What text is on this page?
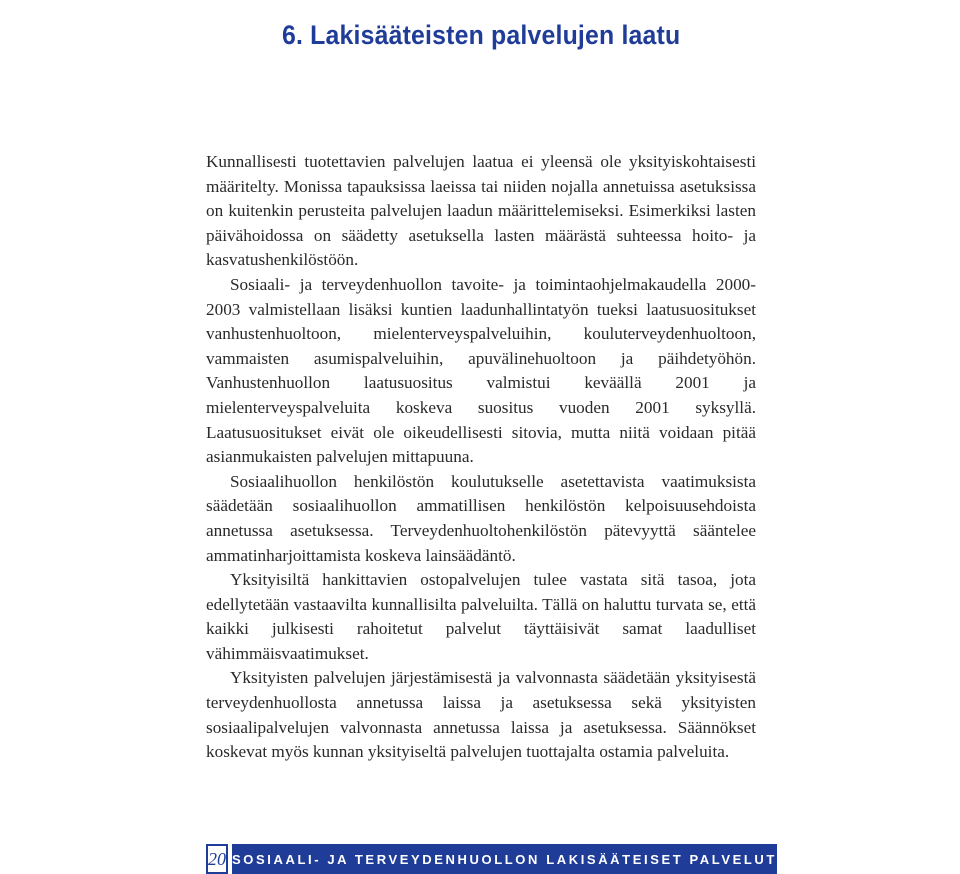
6. Lakisääteisten palvelujen laatu

Kunnallisesti tuotettavien palvelujen laatua ei yleensä ole yksityiskohtaisesti määritelty. Monissa tapauksissa laeissa tai niiden nojalla annetuissa asetuksissa on kuitenkin perusteita palvelujen laadun määrittelemiseksi. Esimerkiksi lasten päivähoidossa on säädetty asetuksella lasten määrästä suhteessa hoito- ja kasvatushenkilöstöön.

Sosiaali- ja terveydenhuollon tavoite- ja toimintaohjelmakaudella 2000-2003 valmistellaan lisäksi kuntien laadunhallintatyön tueksi laatusuositukset vanhustenhuoltoon, mielenterveyspalveluihin, kouluterveydenhuoltoon, vammaisten asumispalveluihin, apuvälinehuoltoon ja päihdetyöhön. Vanhustenhuollon laatusuositus valmistui keväällä 2001 ja mielenterveyspalveluita koskeva suositus vuoden 2001 syksyllä. Laatusuositukset eivät ole oikeudellisesti sitovia, mutta niitä voidaan pitää asianmukaisten palvelujen mittapuuna.

Sosiaalihuollon henkilöstön koulutukselle asetettavista vaatimuksista säädetään sosiaalihuollon ammatillisen henkilöstön kelpoisuusehdoista annetussa asetuksessa. Terveydenhuoltohenkilöstön pätevyyttä sääntelee ammatinharjoittamista koskeva lainsäädäntö.

Yksityisiltä hankittavien ostopalvelujen tulee vastata sitä tasoa, jota edellytetään vastaavilta kunnallisilta palveluilta. Tällä on haluttu turvata se, että kaikki julkisesti rahoitetut palvelut täyttäisivät samat laadulliset vähimmäisvaatimukset.

Yksityisten palvelujen järjestämisestä ja valvonnasta säädetään yksityisestä terveydenhuollosta annetussa laissa ja asetuksessa sekä yksityisten sosiaalipalvelujen valvonnasta annetussa laissa ja asetuksessa. Säännökset koskevat myös kunnan yksityiseltä palvelujen tuottajalta ostamia palveluita.

20 SOSIAALI- JA TERVEYDENHUOLLON LAKISÄÄTEISET PALVELUT
